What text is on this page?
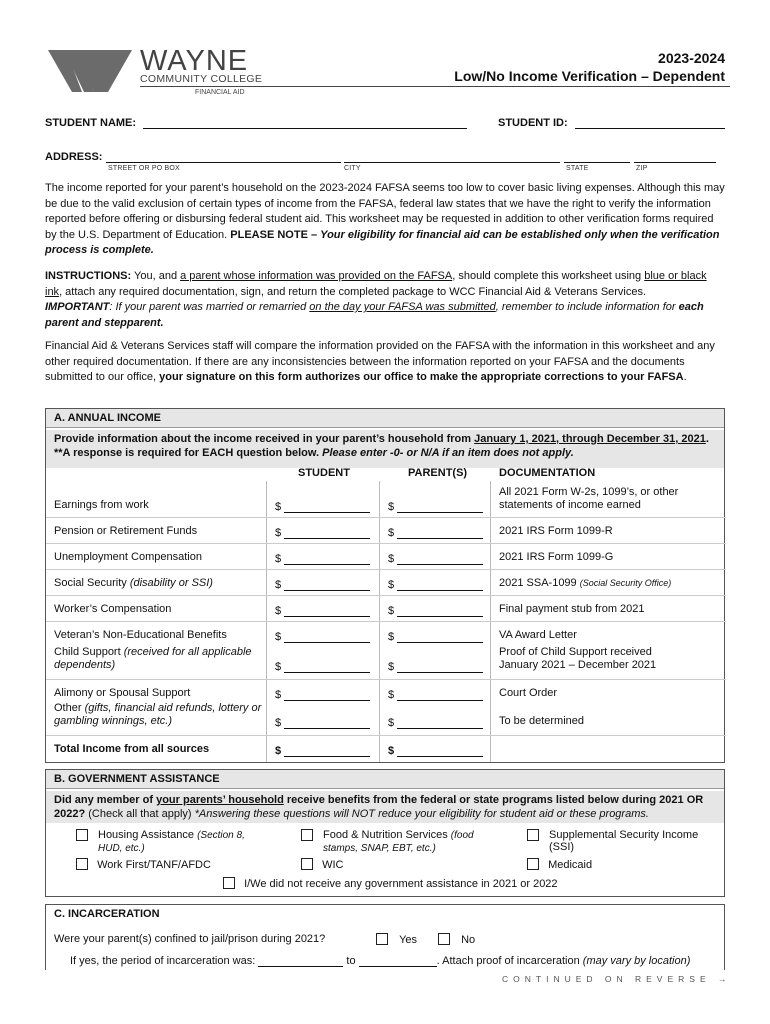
WAYNE
COMMUNITY COLLEGE
FINANCIAL AID
2023-2024
Low/No Income Verification – Dependent
STUDENT NAME:	STUDENT ID:
ADDRESS:
STREET OR PO BOX	CITY	STATE	ZIP
The income reported for your parent’s household on the 2023-2024 FAFSA seems too low to cover basic living expenses. Although this may be due to the valid exclusion of certain types of income from the FAFSA, federal law states that we have the right to verify the information reported before offering or disbursing federal student aid. This worksheet may be requested in addition to other verification forms required by the U.S. Department of Education. PLEASE NOTE – Your eligibility for financial aid can be established only when the verification process is complete.
INSTRUCTIONS: You, and a parent whose information was provided on the FAFSA, should complete this worksheet using blue or black ink, attach any required documentation, sign, and return the completed package to WCC Financial Aid & Veterans Services.
IMPORTANT: If your parent was married or remarried on the day your FAFSA was submitted, remember to include information for each parent and stepparent.
Financial Aid & Veterans Services staff will compare the information provided on the FAFSA with the information in this worksheet and any other required documentation. If there are any inconsistencies between the information reported on your FAFSA and the documents submitted to our office, your signature on this form authorizes our office to make the appropriate corrections to your FAFSA.
A. ANNUAL INCOME
Provide information about the income received in your parent’s household from January 1, 2021, through December 31, 2021. **A response is required for EACH question below. Please enter -0- or N/A if an item does not apply.
STUDENT	PARENT(S)	DOCUMENTATION
Earnings from work	$	$
All 2021 Form W-2s, 1099’s, or other statements of income earned
Pension or Retirement Funds	$	$	2021 IRS Form 1099-R
Unemployment Compensation	$	$	2021 IRS Form 1099-G
Social Security (disability or SSI)	$	$	2021 SSA-1099 (Social Security Office)
Worker’s Compensation	$	$	Final payment stub from 2021
Veteran’s Non-Educational Benefits	$	$	VA Award Letter
Child Support (received for all applicable dependents)	$	$
Proof of Child Support received January 2021 – December 2021
Alimony or Spousal Support	$	$	Court Order
Other (gifts, financial aid refunds, lottery or gambling winnings, etc.)	$	$	To be determined
Total Income from all sources	$	$
B. GOVERNMENT ASSISTANCE
Did any member of your parents’ household receive benefits from the federal or state programs listed below during 2021 OR 2022? (Check all that apply) *Answering these questions will NOT reduce your eligibility for student aid or these programs.
Housing Assistance (Section 8, HUD, etc.)
Food & Nutrition Services (food stamps, SNAP, EBT, etc.)
Supplemental Security Income (SSI)
Work First/TANF/AFDC	WIC	Medicaid
I/We did not receive any government assistance in 2021 or 2022
C. INCARCERATION
Were your parent(s) confined to jail/prison during 2021?	Yes	No
If yes, the period of incarceration was:	to	. Attach proof of incarceration (may vary by location)
CONTINUED ON REVERSE →
